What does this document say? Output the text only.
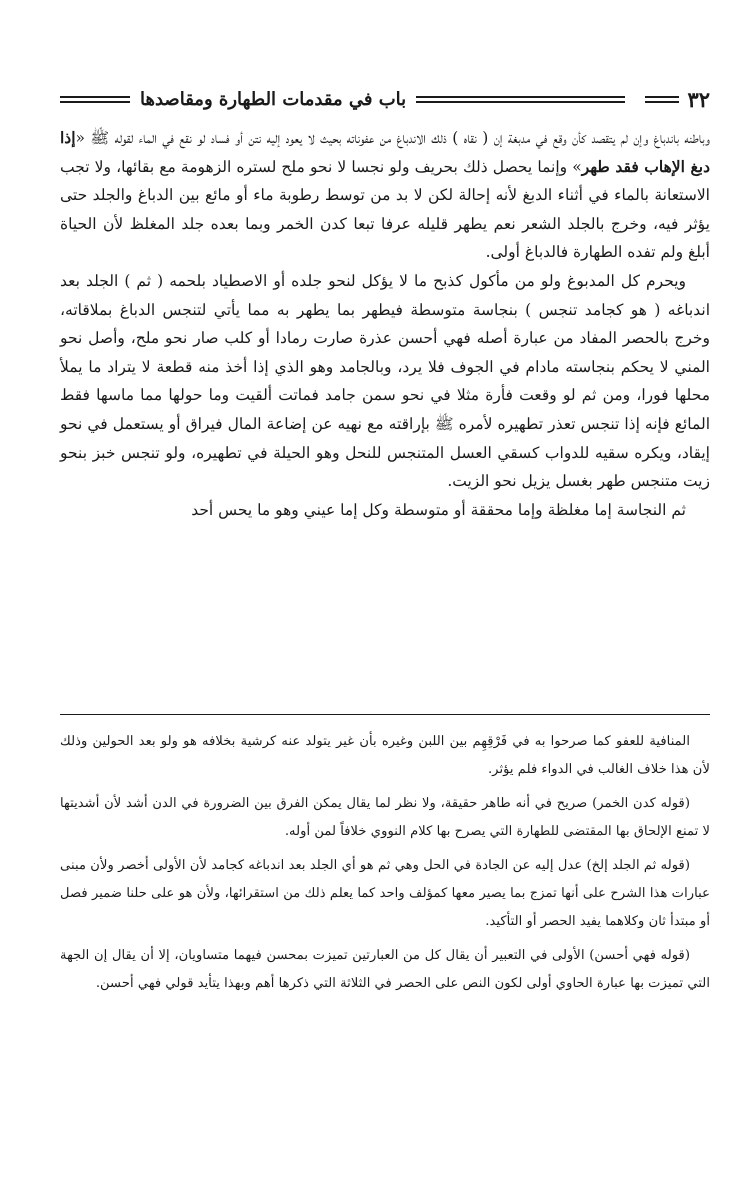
٣٢
باب في مقدمات الطهارة ومقاصدها

وباطنه باندباغ وإن لم يتقصد كأن وقع في مدبغة إن ( نقاه ) ذلك الاندباغ من عفوناته بحيث لا يعود إليه نتن أو فساد لو نقع في الماء لقوله ﷺ «إذا دبغ الإهاب فقد طهر» وإنما يحصل ذلك بحريف ولو نجسا لا نحو ملح لستره الزهومة مع بقائها، ولا تجب الاستعانة بالماء في أثناء الدبغ لأنه إحالة لكن لا بد من توسط رطوبة ماء أو مائع بين الدباغ والجلد حتى يؤثر فيه، وخرج بالجلد الشعر نعم يطهر قليله عرفا تبعا كدن الخمر وبما بعده جلد المغلظ لأن الحياة أبلغ ولم تفده الطهارة فالدباغ أولى.

ويحرم كل المدبوغ ولو من مأكول كذبح ما لا يؤكل لنحو جلده أو الاصطياد بلحمه ( ثم ) الجلد بعد اندباغه ( هو كجامد تنجس ) بنجاسة متوسطة فيطهر بما يطهر به مما يأتي لتنجس الدباغ بملاقاته، وخرج بالحصر المفاد من عبارة أصله فهي أحسن عذرة صارت رمادا أو كلب صار نحو ملح، وأصل نحو المني لا يحكم بنجاسته مادام في الجوف فلا يرد، وبالجامد وهو الذي إذا أخذ منه قطعة لا يتراد ما يملأ محلها فورا، ومن ثم لو وقعت فأرة مثلا في نحو سمن جامد فماتت ألقيت وما حولها مما ماسها فقط المائع فإنه إذا تنجس تعذر تطهيره لأمره ﷺ بإراقته مع نهيه عن إضاعة المال فيراق أو يستعمل في نحو إيقاد، ويكره سقيه للدواب كسقي العسل المتنجس للنحل وهو الحيلة في تطهيره، ولو تنجس خبز بنحو زيت متنجس طهر بغسل يزيل نحو الزيت.

ثم النجاسة إما مغلظة وإما محققة أو متوسطة وكل إما عيني وهو ما يحس أحد

المنافية للعفو كما صرحوا به في فَرْقِهِم بين اللبن وغيره بأن غير يتولد عنه كرشية بخلافه هو ولو بعد الحولين وذلك لأن هذا خلاف الغالب في الدواء فلم يؤثر.

(قوله كدن الخمر) صريح في أنه طاهر حقيقة، ولا نظر لما يقال يمكن الفرق بين الضرورة في الدن أشد لأن أشديتها لا تمنع الإلحاق بها المقتضى للطهارة التي يصرح بها كلام النووي خلافاً لمن أوله.

(قوله ثم الجلد إلخ) عدل إليه عن الجادة في الحل وهي ثم هو أي الجلد بعد اندباغه كجامد لأن الأولى أخصر ولأن مبنى عبارات هذا الشرح على أنها تمزج بما يصير معها كمؤلف واحد كما يعلم ذلك من استقرائها، ولأن هو على حلنا ضمير فصل أو مبتدأ ثان وكلاهما يفيد الحصر أو التأكيد.

(قوله فهي أحسن) الأولى في التعبير أن يقال كل من العبارتين تميزت بمحسن فيهما متساويان، إلا أن يقال إن الجهة التي تميزت بها عبارة الحاوي أولى لكون النص على الحصر في الثلاثة التي ذكرها أهم وبهذا يتأيد قولي فهي أحسن.
